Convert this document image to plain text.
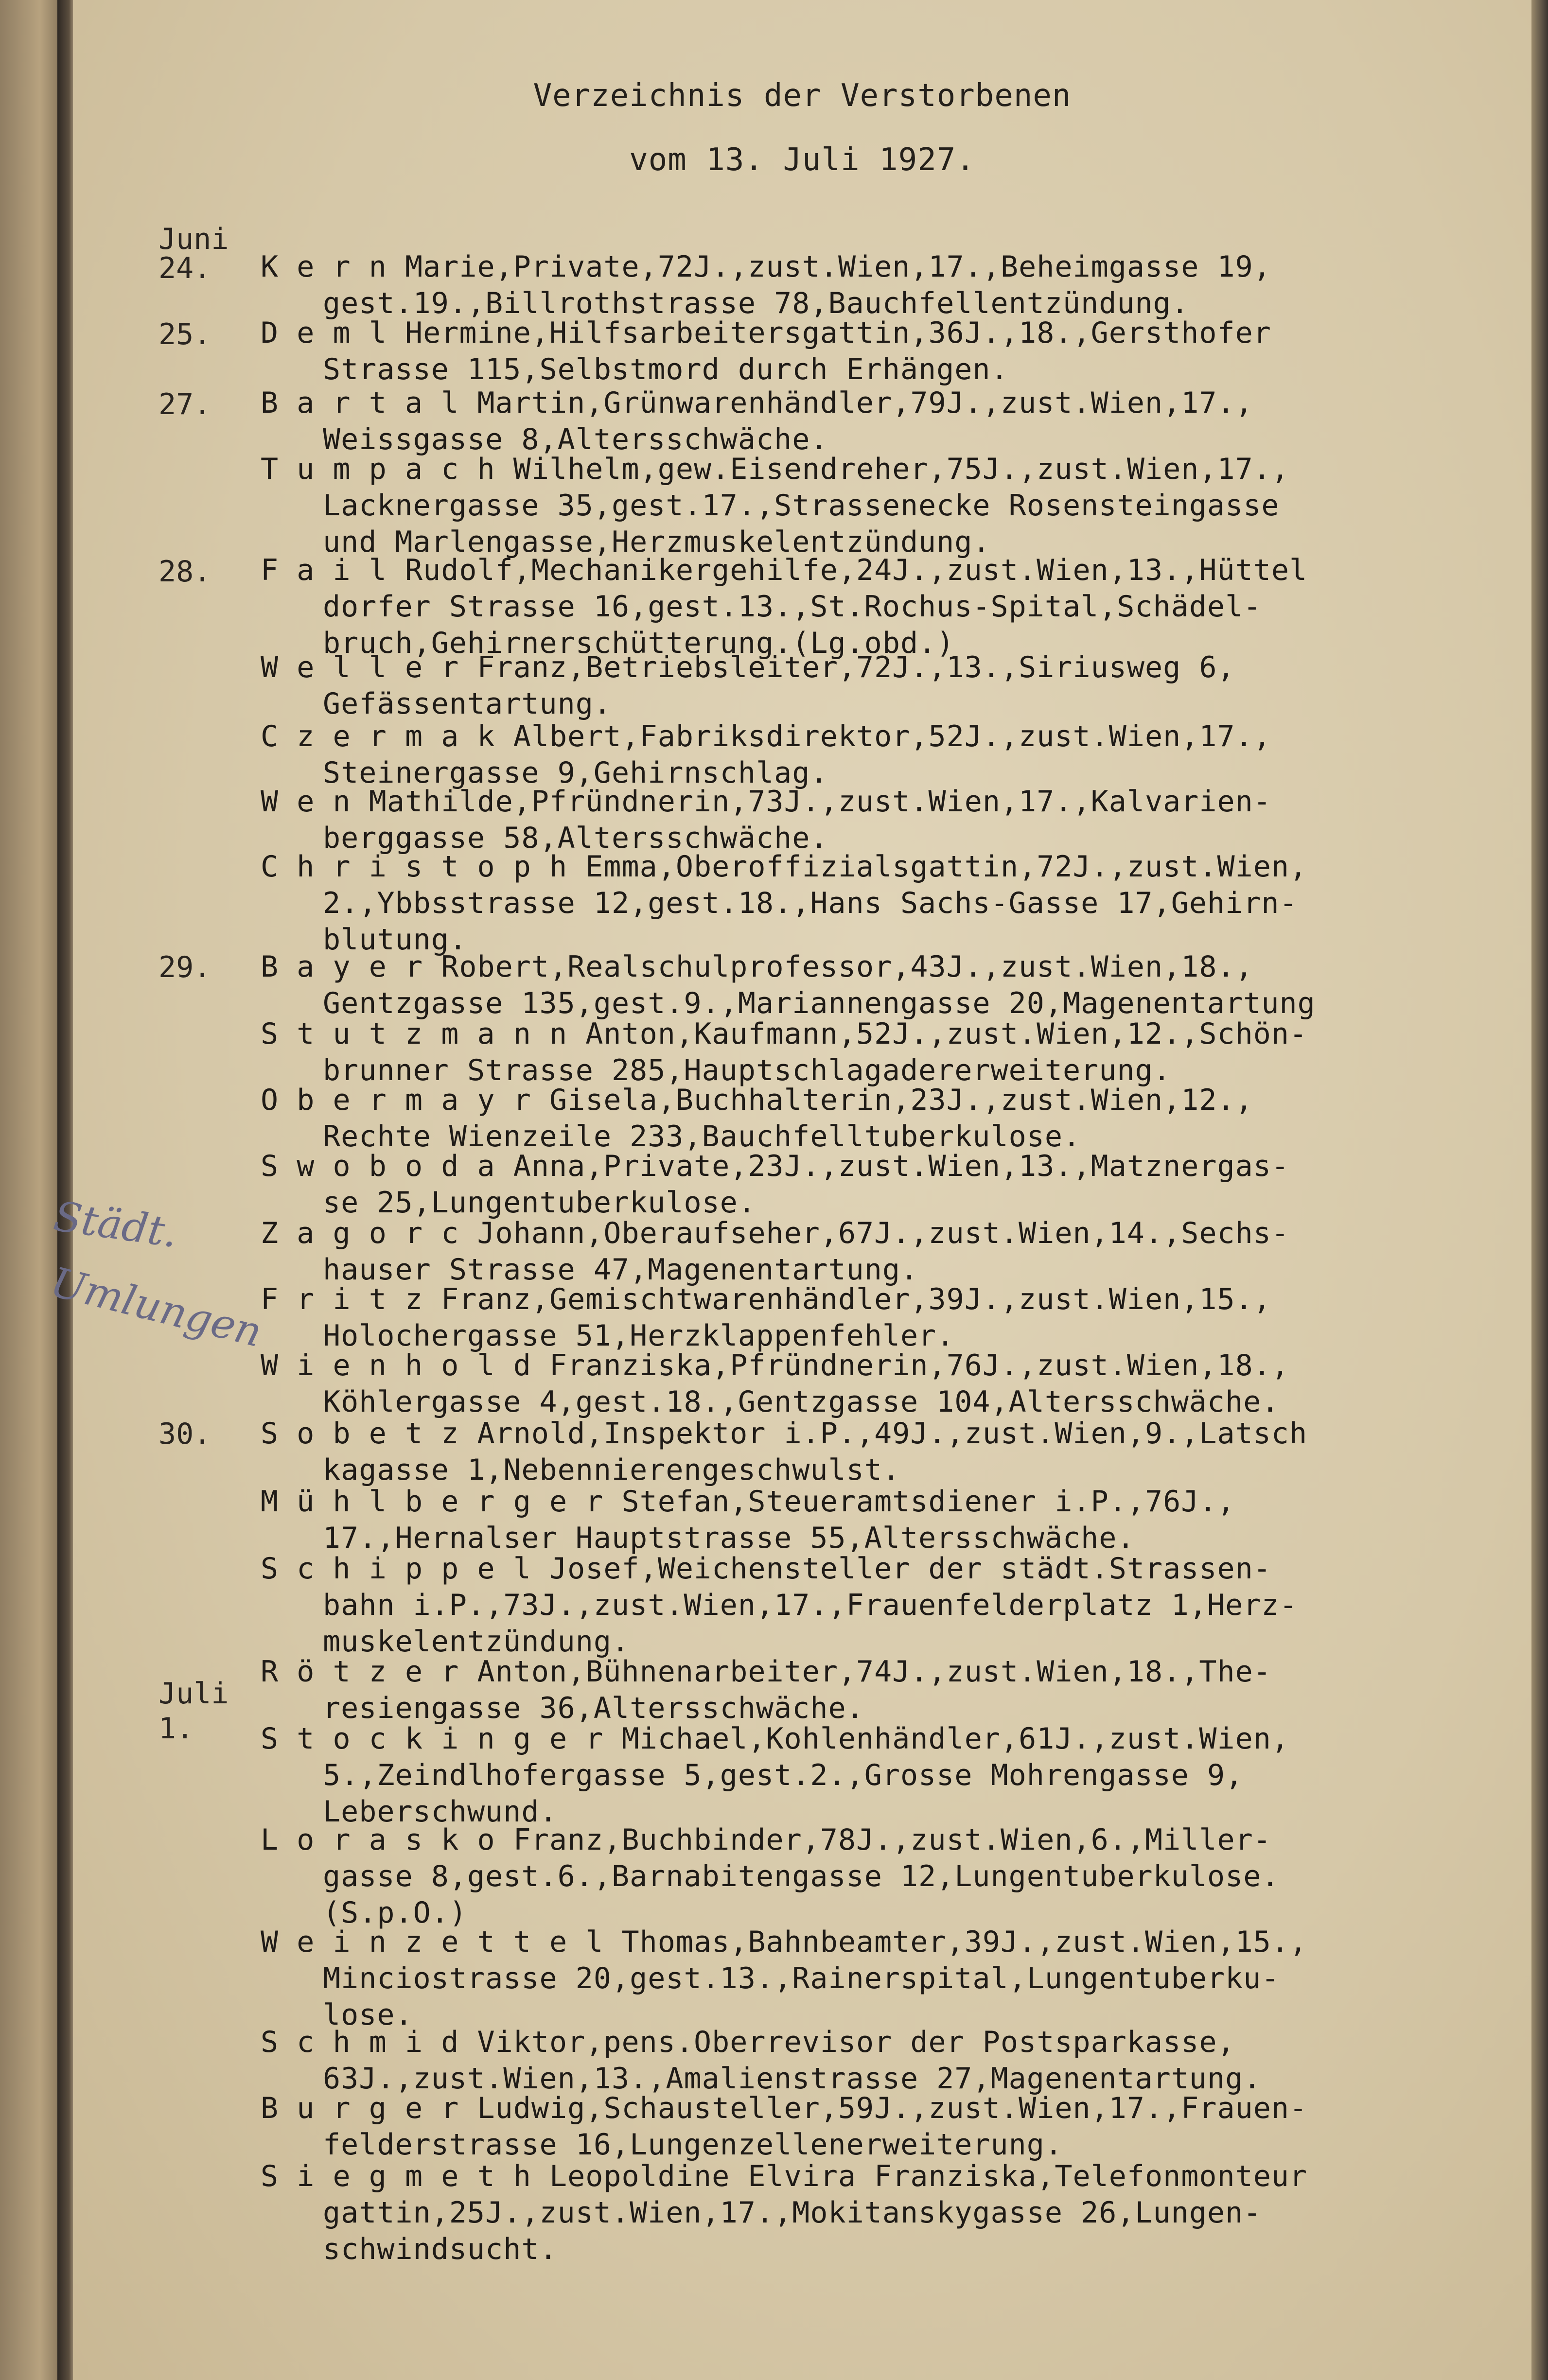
Verzeichnis der Verstorbenen
vom 13. Juli 1927.
Städt.
Umlungen
Juni
24.
25.
27.
28.
29.
30.
Juli
1.
K e r n Marie,Private,72J.,zust.Wien,17.,Beheimgasse 19,
gest.19.,Billrothstrasse 78,Bauchfellentzündung.
D e m l Hermine,Hilfsarbeitersgattin,36J.,18.,Gersthofer
Strasse 115,Selbstmord durch Erhängen.
B a r t a l Martin,Grünwarenhändler,79J.,zust.Wien,17.,
Weissgasse 8,Altersschwäche.
T u m p a c h Wilhelm,gew.Eisendreher,75J.,zust.Wien,17.,
Lacknergasse 35,gest.17.,Strassenecke Rosensteingasse
und Marlengasse,Herzmuskelentzündung.
F a i l Rudolf,Mechanikergehilfe,24J.,zust.Wien,13.,Hüttel
dorfer Strasse 16,gest.13.,St.Rochus-Spital,Schädel-
bruch,Gehirnerschütterung.(Lg.obd.)
W e l l e r Franz,Betriebsleiter,72J.,13.,Siriusweg 6,
Gefässentartung.
C z e r m a k Albert,Fabriksdirektor,52J.,zust.Wien,17.,
Steinergasse 9,Gehirnschlag.
W e n Mathilde,Pfründnerin,73J.,zust.Wien,17.,Kalvarien-
berggasse 58,Altersschwäche.
C h r i s t o p h Emma,Oberoffizialsgattin,72J.,zust.Wien,
2.,Ybbsstrasse 12,gest.18.,Hans Sachs-Gasse 17,Gehirn-
blutung.
B a y e r Robert,Realschulprofessor,43J.,zust.Wien,18.,
Gentzgasse 135,gest.9.,Mariannengasse 20,Magenentartung
S t u t z m a n n Anton,Kaufmann,52J.,zust.Wien,12.,Schön-
brunner Strasse 285,Hauptschlagadererweiterung.
O b e r m a y r Gisela,Buchhalterin,23J.,zust.Wien,12.,
Rechte Wienzeile 233,Bauchfelltuberkulose.
S w o b o d a Anna,Private,23J.,zust.Wien,13.,Matznergas-
se 25,Lungentuberkulose.
Z a g o r c Johann,Oberaufseher,67J.,zust.Wien,14.,Sechs-
hauser Strasse 47,Magenentartung.
F r i t z Franz,Gemischtwarenhändler,39J.,zust.Wien,15.,
Holochergasse 51,Herzklappenfehler.
W i e n h o l d Franziska,Pfründnerin,76J.,zust.Wien,18.,
Köhlergasse 4,gest.18.,Gentzgasse 104,Altersschwäche.
S o b e t z Arnold,Inspektor i.P.,49J.,zust.Wien,9.,Latsch
kagasse 1,Nebennierengeschwulst.
M ü h l b e r g e r Stefan,Steueramtsdiener i.P.,76J.,
17.,Hernalser Hauptstrasse 55,Altersschwäche.
S c h i p p e l Josef,Weichensteller der städt.Strassen-
bahn i.P.,73J.,zust.Wien,17.,Frauenfelderplatz 1,Herz-
muskelentzündung.
R ö t z e r Anton,Bühnenarbeiter,74J.,zust.Wien,18.,The-
resiengasse 36,Altersschwäche.
S t o c k i n g e r Michael,Kohlenhändler,61J.,zust.Wien,
5.,Zeindlhofergasse 5,gest.2.,Grosse Mohrengasse 9,
Leberschwund.
L o r a s k o Franz,Buchbinder,78J.,zust.Wien,6.,Miller-
gasse 8,gest.6.,Barnabitengasse 12,Lungentuberkulose.
(S.p.O.)
W e i n z e t t e l Thomas,Bahnbeamter,39J.,zust.Wien,15.,
Minciostrasse 20,gest.13.,Rainerspital,Lungentuberku-
lose.
S c h m i d Viktor,pens.Oberrevisor der Postsparkasse,
63J.,zust.Wien,13.,Amalienstrasse 27,Magenentartung.
B u r g e r Ludwig,Schausteller,59J.,zust.Wien,17.,Frauen-
felderstrasse 16,Lungenzellenerweiterung.
S i e g m e t h Leopoldine Elvira Franziska,Telefonmonteur
gattin,25J.,zust.Wien,17.,Mokitanskygasse 26,Lungen-
schwindsucht.
